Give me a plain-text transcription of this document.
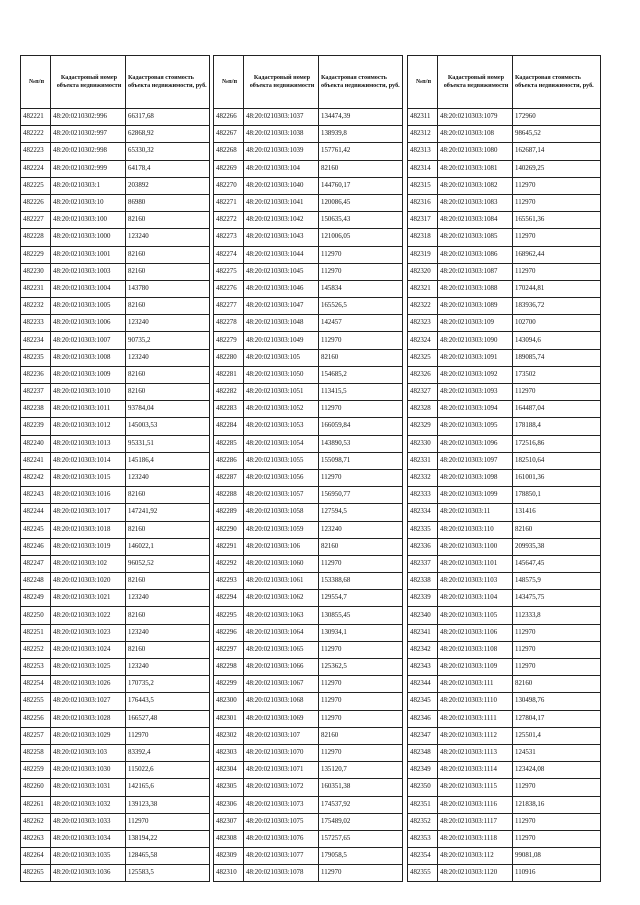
№п/п	Кадастровый номер объекта недвижимости	Кадастровая стоимость объекта недвижимости, руб.
482221	48:20:0210302:996	66317,68
482222	48:20:0210302:997	62868,92
482223	48:20:0210302:998	65330,32
482224	48:20:0210302:999	64178,4
482225	48:20:0210303:1	203892
482226	48:20:0210303:10	86980
482227	48:20:0210303:100	82160
482228	48:20:0210303:1000	123240
482229	48:20:0210303:1001	82160
482230	48:20:0210303:1003	82160
482231	48:20:0210303:1004	143780
482232	48:20:0210303:1005	82160
482233	48:20:0210303:1006	123240
482234	48:20:0210303:1007	90735,2
482235	48:20:0210303:1008	123240
482236	48:20:0210303:1009	82160
482237	48:20:0210303:1010	82160
482238	48:20:0210303:1011	93784,04
482239	48:20:0210303:1012	145003,53
482240	48:20:0210303:1013	95331,51
482241	48:20:0210303:1014	145186,4
482242	48:20:0210303:1015	123240
482243	48:20:0210303:1016	82160
482244	48:20:0210303:1017	147241,92
482245	48:20:0210303:1018	82160
482246	48:20:0210303:1019	146022,1
482247	48:20:0210303:102	96052,52
482248	48:20:0210303:1020	82160
482249	48:20:0210303:1021	123240
482250	48:20:0210303:1022	82160
482251	48:20:0210303:1023	123240
482252	48:20:0210303:1024	82160
482253	48:20:0210303:1025	123240
482254	48:20:0210303:1026	170735,2
482255	48:20:0210303:1027	176443,5
482256	48:20:0210303:1028	166527,48
482257	48:20:0210303:1029	112970
482258	48:20:0210303:103	83392,4
482259	48:20:0210303:1030	115022,6
482260	48:20:0210303:1031	142165,6
482261	48:20:0210303:1032	139123,38
482262	48:20:0210303:1033	112970
482263	48:20:0210303:1034	138194,22
482264	48:20:0210303:1035	128465,58
482265	48:20:0210303:1036	125583,5
№п/п	Кадастровый номер объекта недвижимости	Кадастровая стоимость объекта недвижимости, руб.
482266	48:20:0210303:1037	134474,39
482267	48:20:0210303:1038	138939,8
482268	48:20:0210303:1039	157761,42
482269	48:20:0210303:104	82160
482270	48:20:0210303:1040	144760,17
482271	48:20:0210303:1041	120086,45
482272	48:20:0210303:1042	150635,43
482273	48:20:0210303:1043	121006,05
482274	48:20:0210303:1044	112970
482275	48:20:0210303:1045	112970
482276	48:20:0210303:1046	145834
482277	48:20:0210303:1047	165526,5
482278	48:20:0210303:1048	142457
482279	48:20:0210303:1049	112970
482280	48:20:0210303:105	82160
482281	48:20:0210303:1050	154685,2
482282	48:20:0210303:1051	113415,5
482283	48:20:0210303:1052	112970
482284	48:20:0210303:1053	166059,84
482285	48:20:0210303:1054	143890,53
482286	48:20:0210303:1055	155098,71
482287	48:20:0210303:1056	112970
482288	48:20:0210303:1057	156950,77
482289	48:20:0210303:1058	127594,5
482290	48:20:0210303:1059	123240
482291	48:20:0210303:106	82160
482292	48:20:0210303:1060	112970
482293	48:20:0210303:1061	153388,68
482294	48:20:0210303:1062	129554,7
482295	48:20:0210303:1063	130855,45
482296	48:20:0210303:1064	130934,1
482297	48:20:0210303:1065	112970
482298	48:20:0210303:1066	125362,5
482299	48:20:0210303:1067	112970
482300	48:20:0210303:1068	112970
482301	48:20:0210303:1069	112970
482302	48:20:0210303:107	82160
482303	48:20:0210303:1070	112970
482304	48:20:0210303:1071	135120,7
482305	48:20:0210303:1072	160351,38
482306	48:20:0210303:1073	174537,92
482307	48:20:0210303:1075	175489,02
482308	48:20:0210303:1076	157257,65
482309	48:20:0210303:1077	179058,5
482310	48:20:0210303:1078	112970
№п/п	Кадастровый номер объекта недвижимости	Кадастровая стоимость объекта недвижимости, руб.
482311	48:20:0210303:1079	172960
482312	48:20:0210303:108	98645,52
482313	48:20:0210303:1080	162687,14
482314	48:20:0210303:1081	140269,25
482315	48:20:0210303:1082	112970
482316	48:20:0210303:1083	112970
482317	48:20:0210303:1084	165561,36
482318	48:20:0210303:1085	112970
482319	48:20:0210303:1086	168962,44
482320	48:20:0210303:1087	112970
482321	48:20:0210303:1088	170244,81
482322	48:20:0210303:1089	183936,72
482323	48:20:0210303:109	102700
482324	48:20:0210303:1090	143094,6
482325	48:20:0210303:1091	189085,74
482326	48:20:0210303:1092	173502
482327	48:20:0210303:1093	112970
482328	48:20:0210303:1094	164487,04
482329	48:20:0210303:1095	178188,4
482330	48:20:0210303:1096	172516,86
482331	48:20:0210303:1097	182510,64
482332	48:20:0210303:1098	161001,36
482333	48:20:0210303:1099	178850,1
482334	48:20:0210303:11	131416
482335	48:20:0210303:110	82160
482336	48:20:0210303:1100	209935,38
482337	48:20:0210303:1101	145647,45
482338	48:20:0210303:1103	148575,9
482339	48:20:0210303:1104	143475,75
482340	48:20:0210303:1105	112333,8
482341	48:20:0210303:1106	112970
482342	48:20:0210303:1108	112970
482343	48:20:0210303:1109	112970
482344	48:20:0210303:111	82160
482345	48:20:0210303:1110	130498,76
482346	48:20:0210303:1111	127804,17
482347	48:20:0210303:1112	125501,4
482348	48:20:0210303:1113	124531
482349	48:20:0210303:1114	123424,08
482350	48:20:0210303:1115	112970
482351	48:20:0210303:1116	121838,16
482352	48:20:0210303:1117	112970
482353	48:20:0210303:1118	112970
482354	48:20:0210303:112	99081,08
482355	48:20:0210303:1120	110916
